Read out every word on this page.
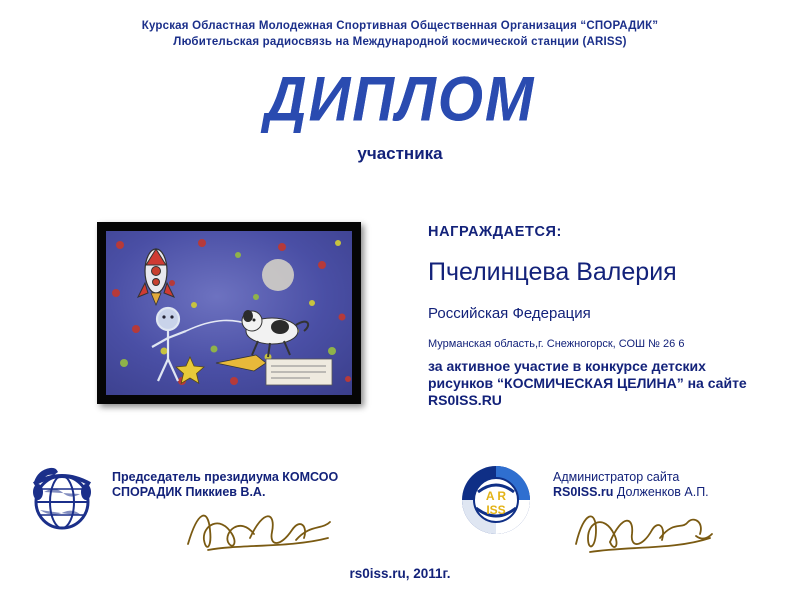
Курская Областная Молодежная Спортивная Общественная Организация “СПОРАДИК”
Любительская радиосвязь на Международной космической станции (ARISS)
ДИПЛОМ
участника
НАГРАЖДАЕТСЯ:
Пчелинцева Валерия
Российская Федерация
Мурманская область,г. Снежногорск, СОШ № 26 6
за активное участие в конкурсе детских рисунков “КОСМИЧЕСКАЯ ЦЕЛИНА” на сайте RS0ISS.RU
Председатель президиума КОМСОО
СПОРАДИК Пиккиев В.А.	A R
ISS
Администратор сайта
RS0ISS.ru Долженков А.П.
rs0iss.ru, 2011г.
